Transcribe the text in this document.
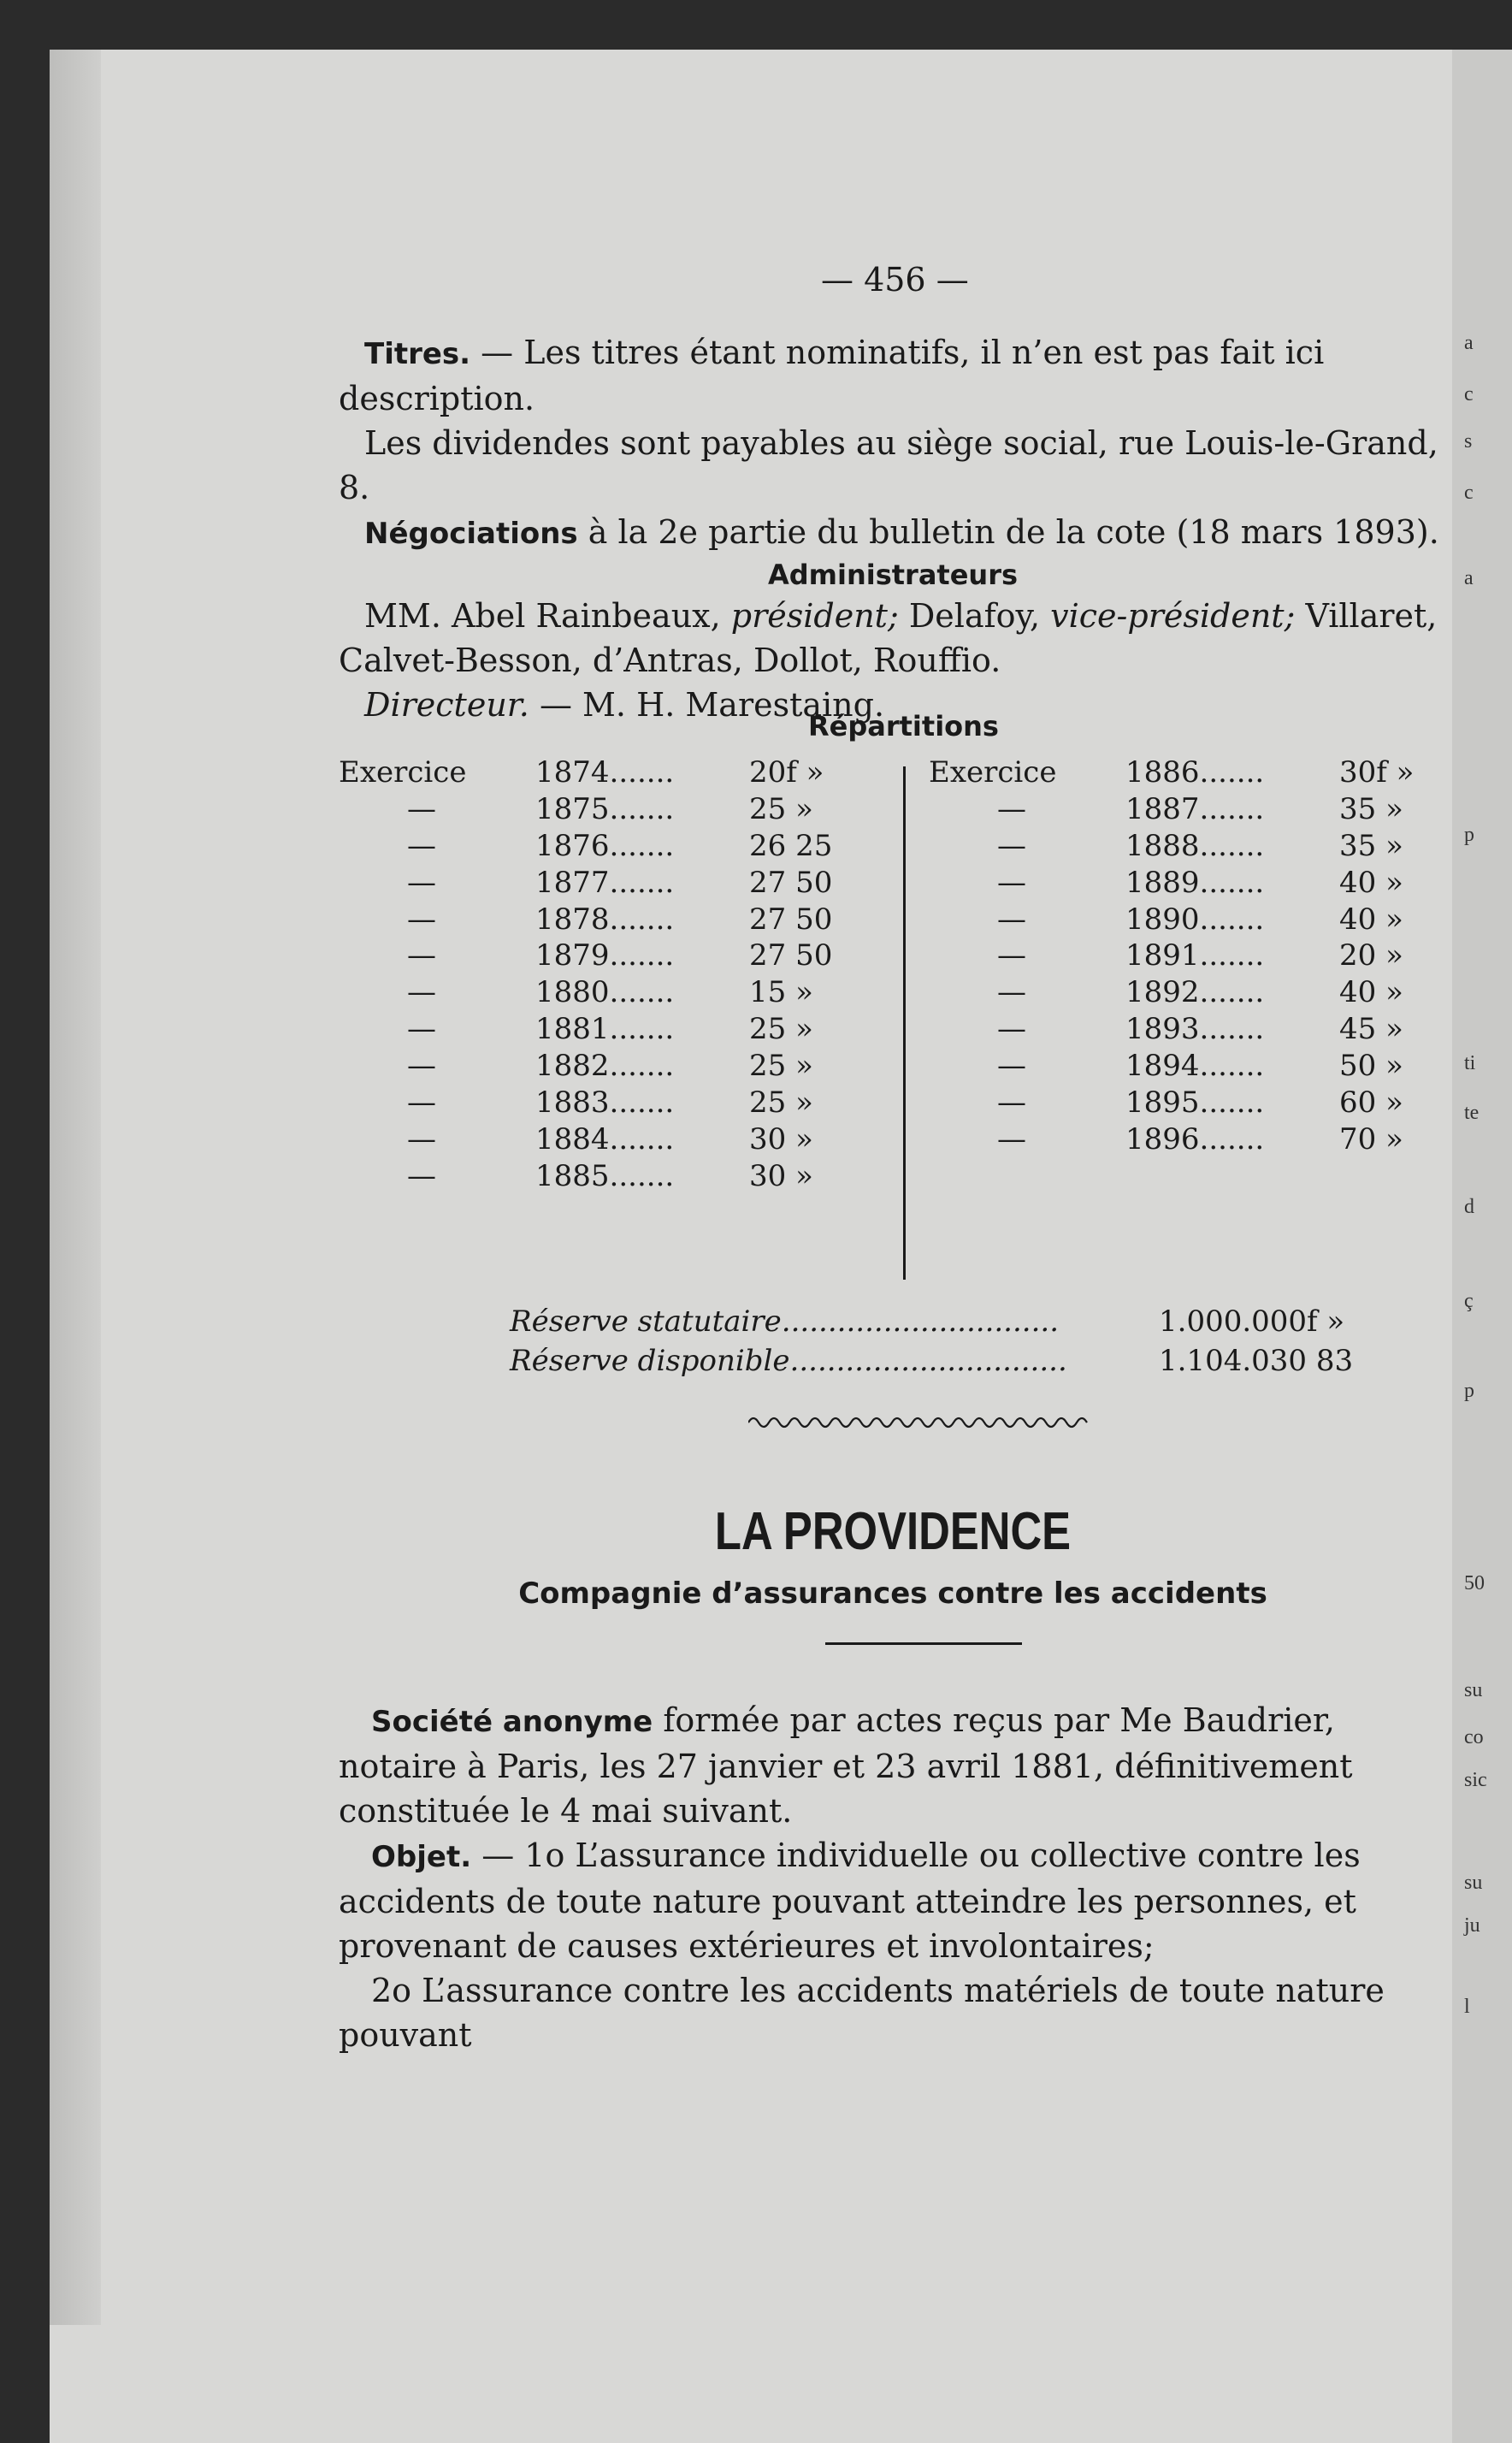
a
c
s
c
a
p
ti
te
d
ç
p
50
su
co
sic
su
ju
l
— 456 —

Titres. — Les titres étant nominatifs, il n’en est pas fait ici description.

Les dividendes sont payables au siège social, rue Louis-le-Grand, 8.

Négociations à la 2e partie du bulletin de la cote (18 mars 1893).

Administrateurs

MM. Abel Rainbeaux, président; Delafoy, vice-président; Villaret, Calvet-Besson, d’Antras, Dollot, Rouffio.

Directeur. — M. H. Marestaing.

Répartitions
Exercice 1874.......	20f »
—	1875.......	25 »
—	1876.......	26 25
—	1877.......	27 50
—	1878.......	27 50
—	1879.......	27 50
—	1880.......	15 »
—	1881.......	25 »
—	1882.......	25 »
—	1883.......	25 »
—	1884.......	30 »
—	1885.......	30 »
Exercice 1886.......	30f »
—	1887.......	35 »
—	1888.......	35 »
—	1889.......	40 »
—	1890.......	40 »
—	1891.......	20 »
—	1892.......	40 »
—	1893.......	45 »
—	1894.......	50 »
—	1895.......	60 »
—	1896.......	70 »
Réserve statutaire..............................	1.000.000f »
Réserve disponible..............................	1.104.030 83
LA PROVIDENCE
Compagnie d’assurances contre les accidents

Société anonyme formée par actes reçus par Me Baudrier, notaire à Paris, les 27 janvier et 23 avril 1881, définitivement constituée le 4 mai suivant.

Objet. — 1o L’assurance individuelle ou collective contre les accidents de toute nature pouvant atteindre les personnes, et provenant de causes extérieures et involontaires;

2o L’assurance contre les accidents matériels de toute nature pouvant
